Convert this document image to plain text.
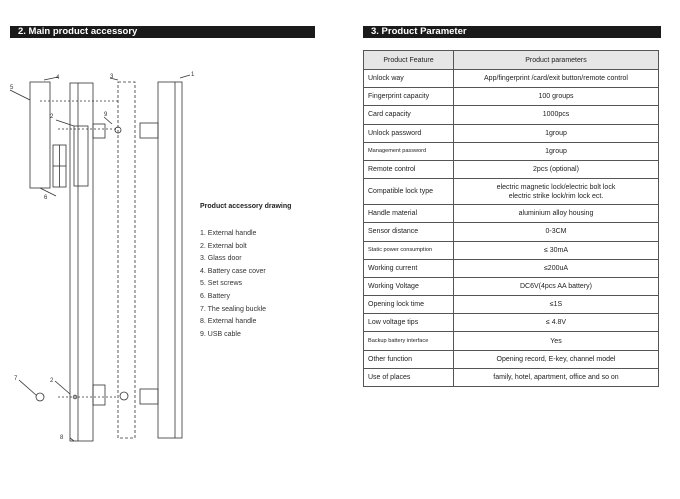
2. Main product accessory	3. Product Parameter
1
2
3
4
5
6
7	2
8
9
Product accessory drawing
1. External handle
2. External bolt
3. Glass door
4. Battery case cover
5. Set screws
6. Battery
7. The sealing buckle
8. External handle
9. USB cable
Product Feature	Product parameters
Unlock way	App/fingerprint /card/exit button/remote control
Fingerprint capacity	100 groups
Card capacity	1000pcs
Unlock password	1group
Management password	1group
Remote control	2pcs (optional)
Compatible lock type	electric magnetic lock/electric bolt lock
electric strike lock/rim lock ect.

Handle material	aluminium alloy housing
Sensor distance	0-3CM
Static power consumption	≤ 30mA
Working current	≤200uA
Working Voltage	DC6V(4pcs AA battery)
Opening lock time	≤1S
Low voltage tips	≤ 4.8V
Backup battery interface	Yes
Other function	Opening record, E-key, channel model
Use of places	family, hotel, apartment, office and so on
